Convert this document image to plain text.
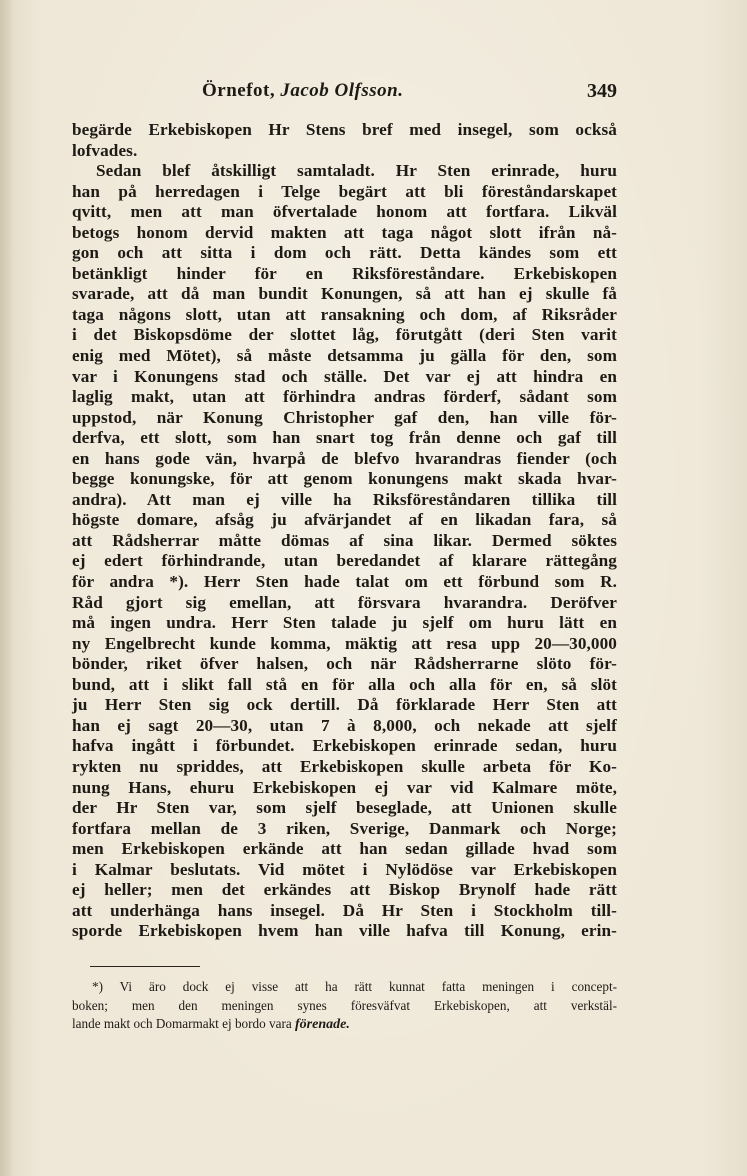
Örnefot, Jacob Olfsson.	349
begärde Erkebiskopen Hr Stens bref med insegel, som också
lofvades.
Sedan blef åtskilligt samtaladt. Hr Sten erinrade, huru
han på herredagen i Telge begärt att bli föreståndarskapet
qvitt, men att man öfvertalade honom att fortfara. Likväl
betogs honom dervid makten att taga något slott ifrån nå-
gon och att sitta i dom och rätt. Detta kändes som ett
betänkligt hinder för en Riksföreståndare. Erkebiskopen
svarade, att då man bundit Konungen, så att han ej skulle få
taga någons slott, utan att ransakning och dom, af Riksråder
i det Biskopsdöme der slottet låg, förutgått (deri Sten varit
enig med Mötet), så måste detsamma ju gälla för den, som
var i Konungens stad och ställe. Det var ej att hindra en
laglig makt, utan att förhindra andras förderf, sådant som
uppstod, när Konung Christopher gaf den, han ville för-
derfva, ett slott, som han snart tog från denne och gaf till
en hans gode vän, hvarpå de blefvo hvarandras fiender (och
begge konungske, för att genom konungens makt skada hvar-
andra). Att man ej ville ha Riksföreståndaren tillika till
högste domare, afsåg ju afvärjandet af en likadan fara, så
att Rådsherrar måtte dömas af sina likar. Dermed söktes
ej edert förhindrande, utan beredandet af klarare rättegång
för andra *). Herr Sten hade talat om ett förbund som R.
Råd gjort sig emellan, att försvara hvarandra. Deröfver
må ingen undra. Herr Sten talade ju sjelf om huru lätt en
ny Engelbrecht kunde komma, mäktig att resa upp 20—30,000
bönder, riket öfver halsen, och när Rådsherrarne slöto för-
bund, att i slikt fall stå en för alla och alla för en, så slöt
ju Herr Sten sig ock dertill. Då förklarade Herr Sten att
han ej sagt 20—30, utan 7 à 8,000, och nekade att sjelf
hafva ingått i förbundet. Erkebiskopen erinrade sedan, huru
rykten nu spriddes, att Erkebiskopen skulle arbeta för Ko-
nung Hans, ehuru Erkebiskopen ej var vid Kalmare möte,
der Hr Sten var, som sjelf beseglade, att Unionen skulle
fortfara mellan de 3 riken, Sverige, Danmark och Norge;
men Erkebiskopen erkände att han sedan gillade hvad som
i Kalmar beslutats. Vid mötet i Nylödöse var Erkebiskopen
ej heller; men det erkändes att Biskop Brynolf hade rätt
att underhänga hans insegel. Då Hr Sten i Stockholm till-
sporde Erkebiskopen hvem han ville hafva till Konung, erin-
*) Vi äro dock ej visse att ha rätt kunnat fatta meningen i concept-
boken; men den meningen synes föresväfvat Erkebiskopen, att verkstäl-
lande makt och Domarmakt ej bordo vara förenade.
